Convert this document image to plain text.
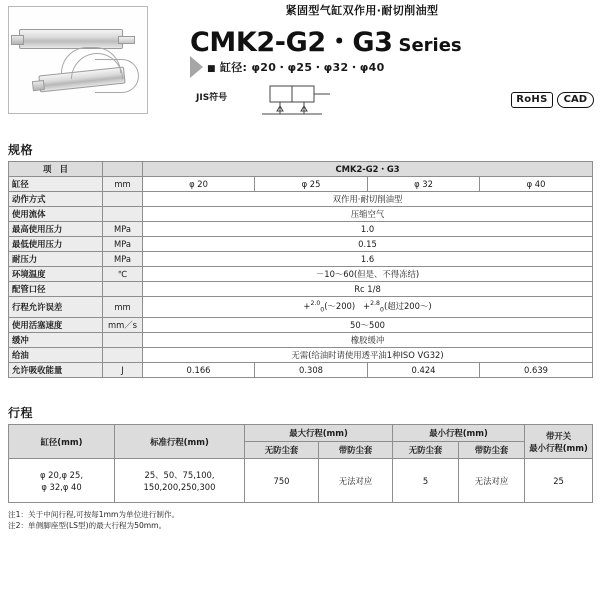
紧固型气缸双作用·耐切削油型
CMK2-G2・G3 Series
■ 缸径: φ20・φ25・φ32・φ40
JIS符号	RoHS	CAD
规格
项　目		CMK2-G2・G3			
缸径	mm	φ 20	φ 25	φ 32	φ 40
动作方式		双作用·耐切削油型			
使用流体		压缩空气			
最高使用压力	MPa	1.0			
最低使用压力	MPa	0.15			
耐压力	MPa	1.6			
环境温度	℃	－10～60(但是、不得冻结)			
配管口径		Rc 1/8			
行程允许误差	mm	+$^{2.0}_0$(～200) +$^{2.8}_0$(超过200～)			
使用活塞速度	mm／s	50～500			
缓冲		橡胶缓冲			
给油		无需(给油时请使用透平油1种ISO VG32)			
允许吸收能量	J	0.166	0.308	0.424	0.639
行程
缸径(mm)	标准行程(mm)	最大行程(mm)		最小行程(mm)		带开关
最小行程(mm)
		无防尘套	带防尘套	无防尘套	带防尘套	
φ 20,φ 25,
φ 32,φ 40	25、50、75,100,
150,200,250,300	750	无法对应	5	无法对应	25
注1：关于中间行程,可按每1mm为单位进行制作。
注2：单侧脚座型(LS型)的最大行程为50mm。
